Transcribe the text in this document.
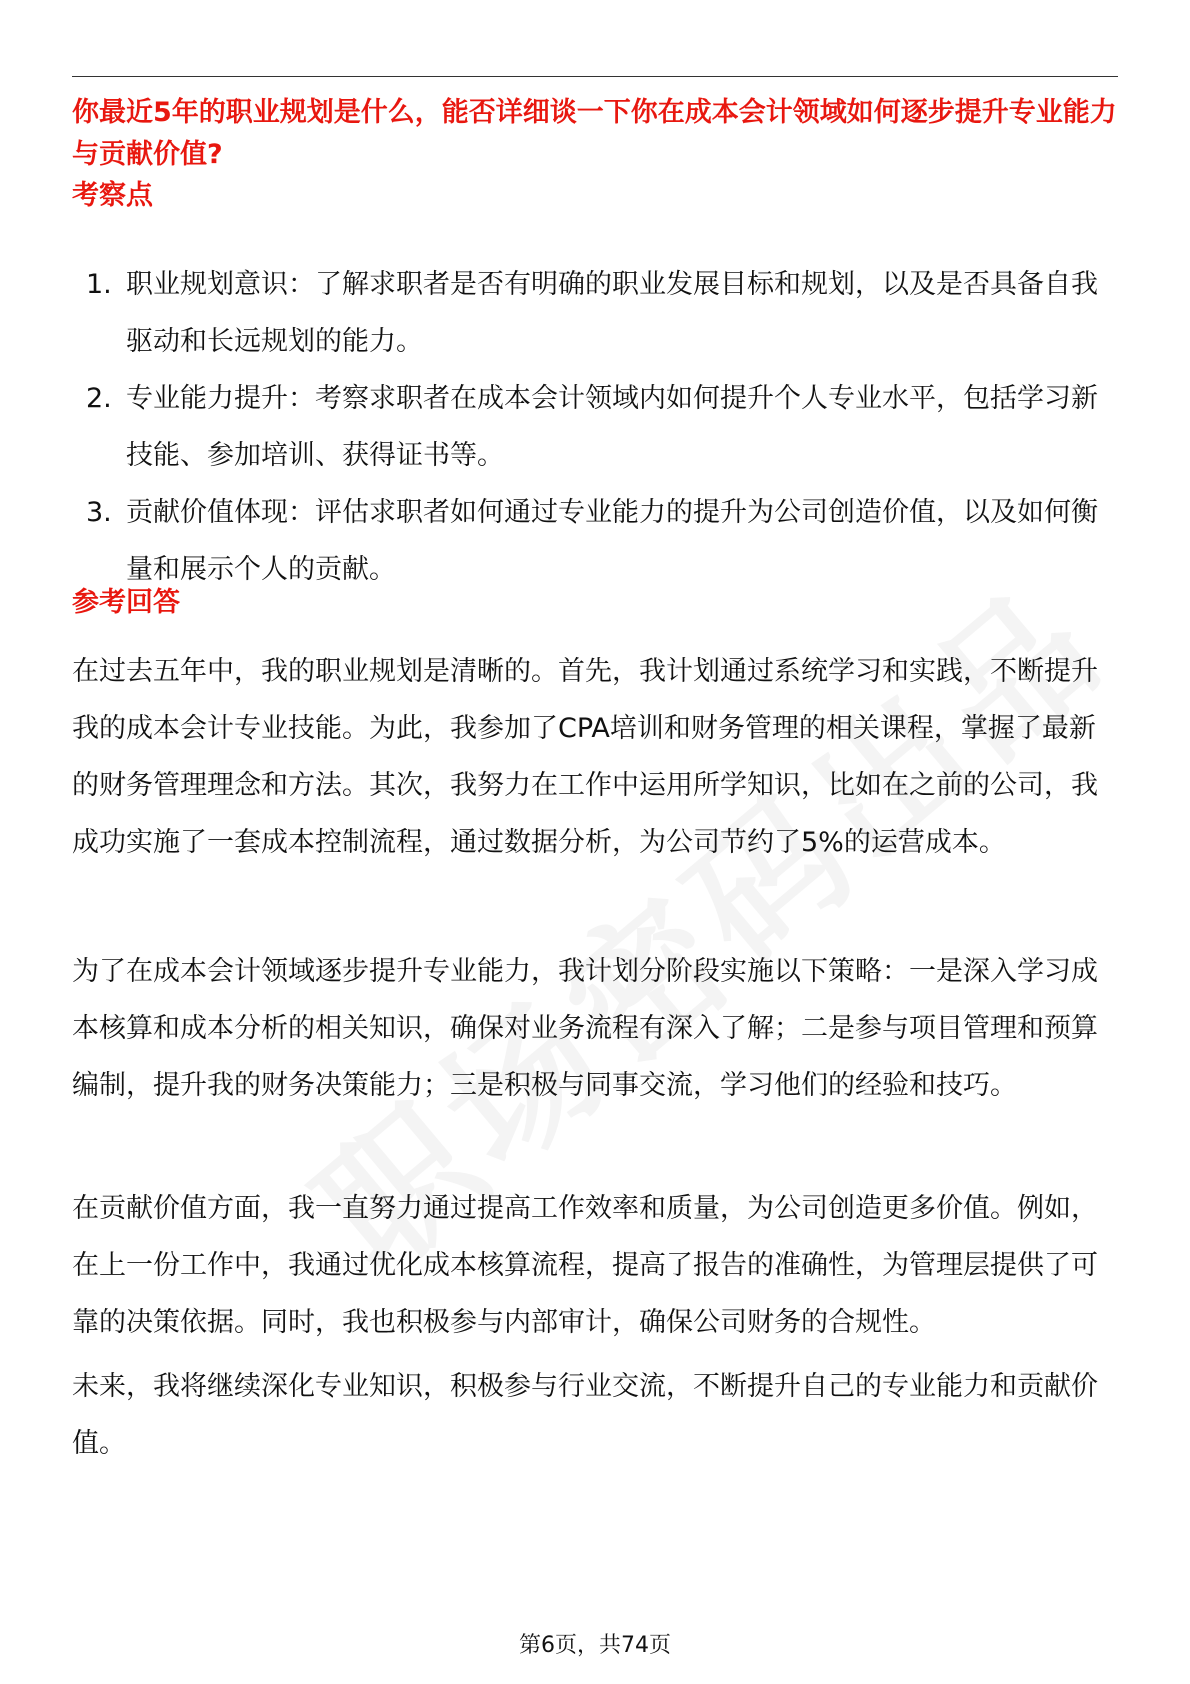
你最近5年的职业规划是什么，能否详细谈一下你在成本会计领域如何逐步提升专业能力与贡献价值?
考察点
1. 职业规划意识：了解求职者是否有明确的职业发展目标和规划，以及是否具备自我驱动和长远规划的能力。
2. 专业能力提升：考察求职者在成本会计领域内如何提升个人专业水平，包括学习新技能、参加培训、获得证书等。
3. 贡献价值体现：评估求职者如何通过专业能力的提升为公司创造价值，以及如何衡量和展示个人的贡献。
参考回答

在过去五年中，我的职业规划是清晰的。首先，我计划通过系统学习和实践，不断提升我的成本会计专业技能。为此，我参加了CPA培训和财务管理的相关课程，掌握了最新的财务管理理念和方法。其次，我努力在工作中运用所学知识，比如在之前的公司，我成功实施了一套成本控制流程，通过数据分析，为公司节约了5%的运营成本。

为了在成本会计领域逐步提升专业能力，我计划分阶段实施以下策略：一是深入学习成本核算和成本分析的相关知识，确保对业务流程有深入了解；二是参与项目管理和预算编制，提升我的财务决策能力；三是积极与同事交流，学习他们的经验和技巧。

在贡献价值方面，我一直努力通过提高工作效率和质量，为公司创造更多价值。例如，在上一份工作中，我通过优化成本核算流程，提高了报告的准确性，为管理层提供了可靠的决策依据。同时，我也积极参与内部审计，确保公司财务的合规性。

未来，我将继续深化专业知识，积极参与行业交流，不断提升自己的专业能力和贡献价值。

第6页，共74页
